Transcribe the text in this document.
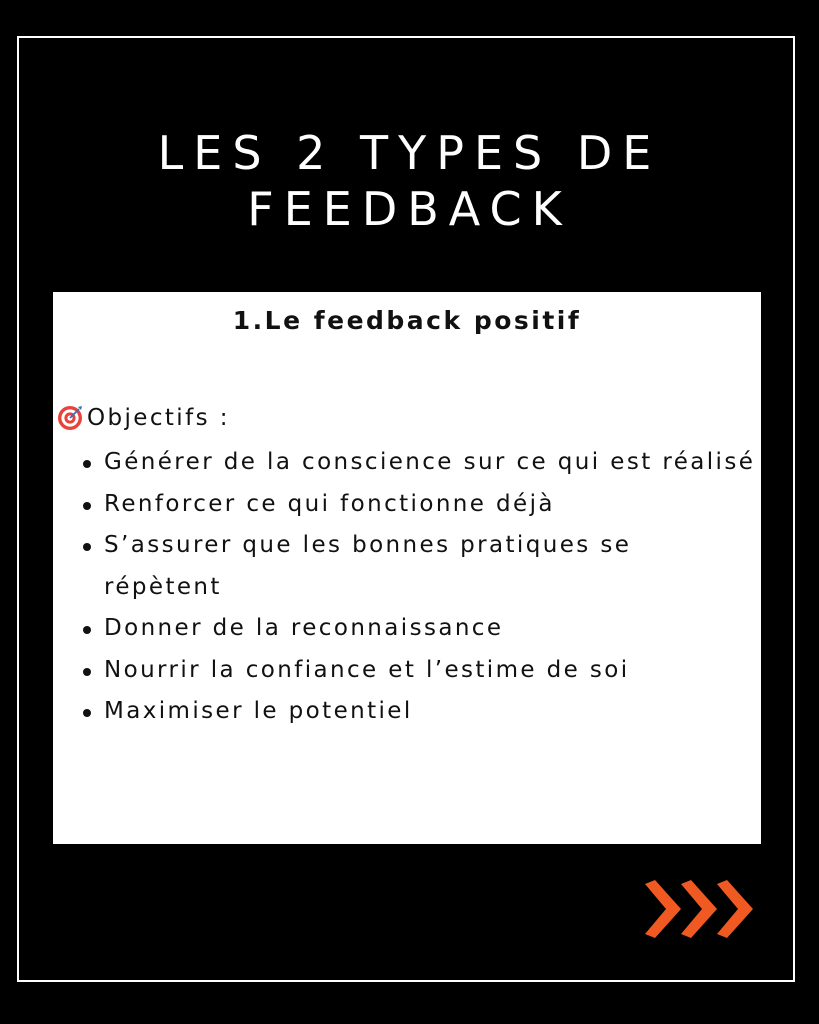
LES 2 TYPES DE
FEEDBACK
1.Le feedback positif
Objectifs :
Générer de la conscience sur ce qui est réalisé
Renforcer ce qui fonctionne déjà
S’assurer que les bonnes pratiques se répètent
Donner de la reconnaissance
Nourrir la confiance et l’estime de soi
Maximiser le potentiel
